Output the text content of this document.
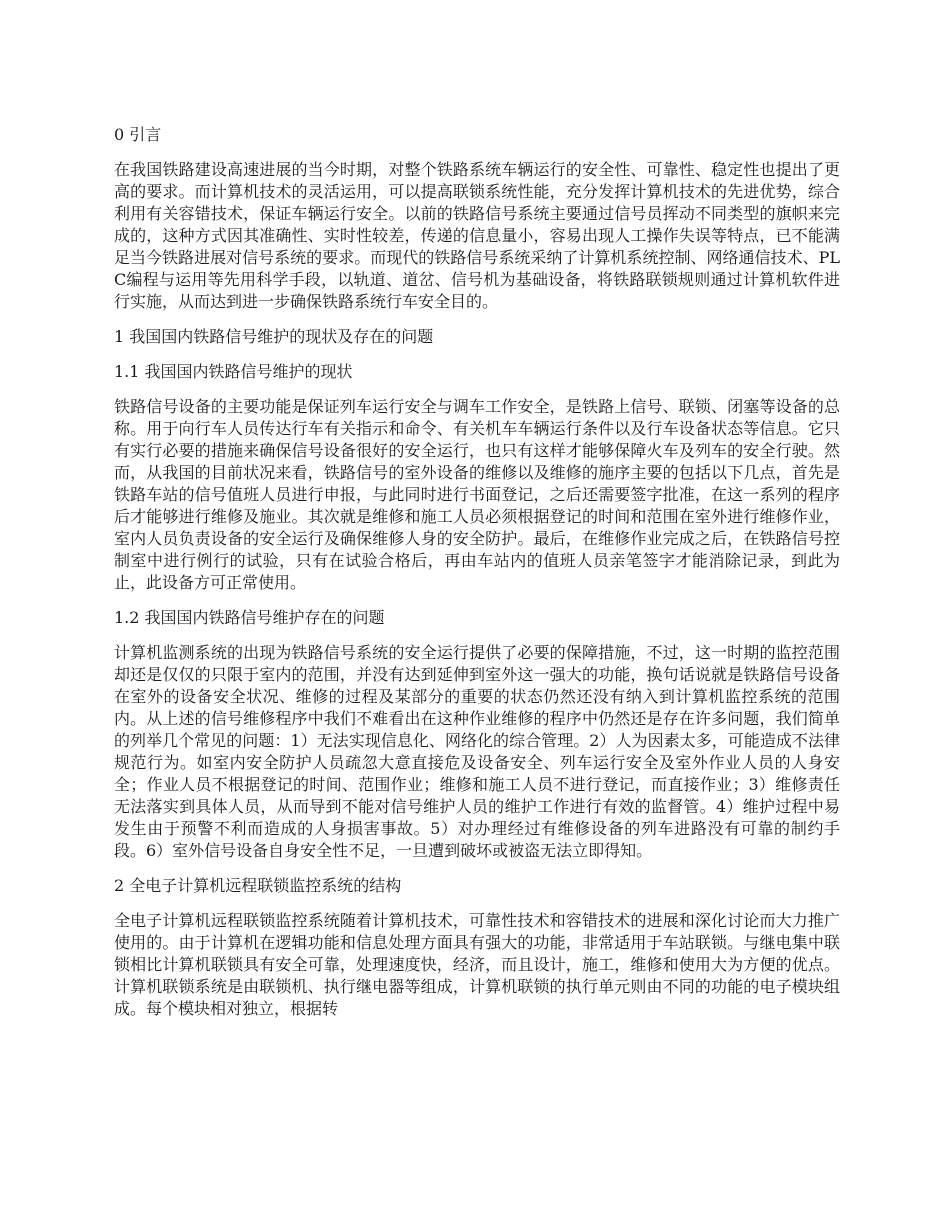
0 引言

在我国铁路建设高速进展的当今时期，对整个铁路系统车辆运行的安全性、可靠性、稳定性也提出了更高的要求。而计算机技术的灵活运用，可以提高联锁系统性能，充分发挥计算机技术的先进优势，综合利用有关容错技术，保证车辆运行安全。以前的铁路信号系统主要通过信号员挥动不同类型的旗帜来完成的，这种方式因其准确性、实时性较差，传递的信息量小，容易出现人工操作失误等特点，已不能满足当今铁路进展对信号系统的要求。而现代的铁路信号系统采纳了计算机系统控制、网络通信技术、PLC编程与运用等先用科学手段，以轨道、道岔、信号机为基础设备，将铁路联锁规则通过计算机软件进行实施，从而达到进一步确保铁路系统行车安全目的。

1 我国国内铁路信号维护的现状及存在的问题
1.1 我国国内铁路信号维护的现状

铁路信号设备的主要功能是保证列车运行安全与调车工作安全，是铁路上信号、联锁、闭塞等设备的总称。用于向行车人员传达行车有关指示和命令、有关机车车辆运行条件以及行车设备状态等信息。它只有实行必要的措施来确保信号设备很好的安全运行，也只有这样才能够保障火车及列车的安全行驶。然而，从我国的目前状况来看，铁路信号的室外设备的维修以及维修的施序主要的包括以下几点，首先是铁路车站的信号值班人员进行申报，与此同时进行书面登记，之后还需要签字批准，在这一系列的程序后才能够进行维修及施业。其次就是维修和施工人员必须根据登记的时间和范围在室外进行维修作业，室内人员负责设备的安全运行及确保维修人身的安全防护。最后，在维修作业完成之后，在铁路信号控制室中进行例行的试验，只有在试验合格后，再由车站内的值班人员亲笔签字才能消除记录，到此为止，此设备方可正常使用。

1.2 我国国内铁路信号维护存在的问题

计算机监测系统的出现为铁路信号系统的安全运行提供了必要的保障措施，不过，这一时期的监控范围却还是仅仅的只限于室内的范围，并没有达到延伸到室外这一强大的功能，换句话说就是铁路信号设备在室外的设备安全状况、维修的过程及某部分的重要的状态仍然还没有纳入到计算机监控系统的范围内。从上述的信号维修程序中我们不难看出在这种作业维修的程序中仍然还是存在许多问题，我们简单的列举几个常见的问题：1）无法实现信息化、网络化的综合管理。2）人为因素太多，可能造成不法律规范行为。如室内安全防护人员疏忽大意直接危及设备安全、列车运行安全及室外作业人员的人身安全；作业人员不根据登记的时间、范围作业；维修和施工人员不进行登记，而直接作业；3）维修责任无法落实到具体人员，从而导到不能对信号维护人员的维护工作进行有效的监督管。4）维护过程中易发生由于预警不利而造成的人身损害事故。5）对办理经过有维修设备的列车进路没有可靠的制约手段。6）室外信号设备自身安全性不足，一旦遭到破坏或被盗无法立即得知。

2 全电子计算机远程联锁监控系统的结构

全电子计算机远程联锁监控系统随着计算机技术，可靠性技术和容错技术的进展和深化讨论而大力推广使用的。由于计算机在逻辑功能和信息处理方面具有强大的功能，非常适用于车站联锁。与继电集中联锁相比计算机联锁具有安全可靠，处理速度快，经济，而且设计，施工，维修和使用大为方便的优点。计算机联锁系统是由联锁机、执行继电器等组成，计算机联锁的执行单元则由不同的功能的电子模块组成。每个模块相对独立，根据转
